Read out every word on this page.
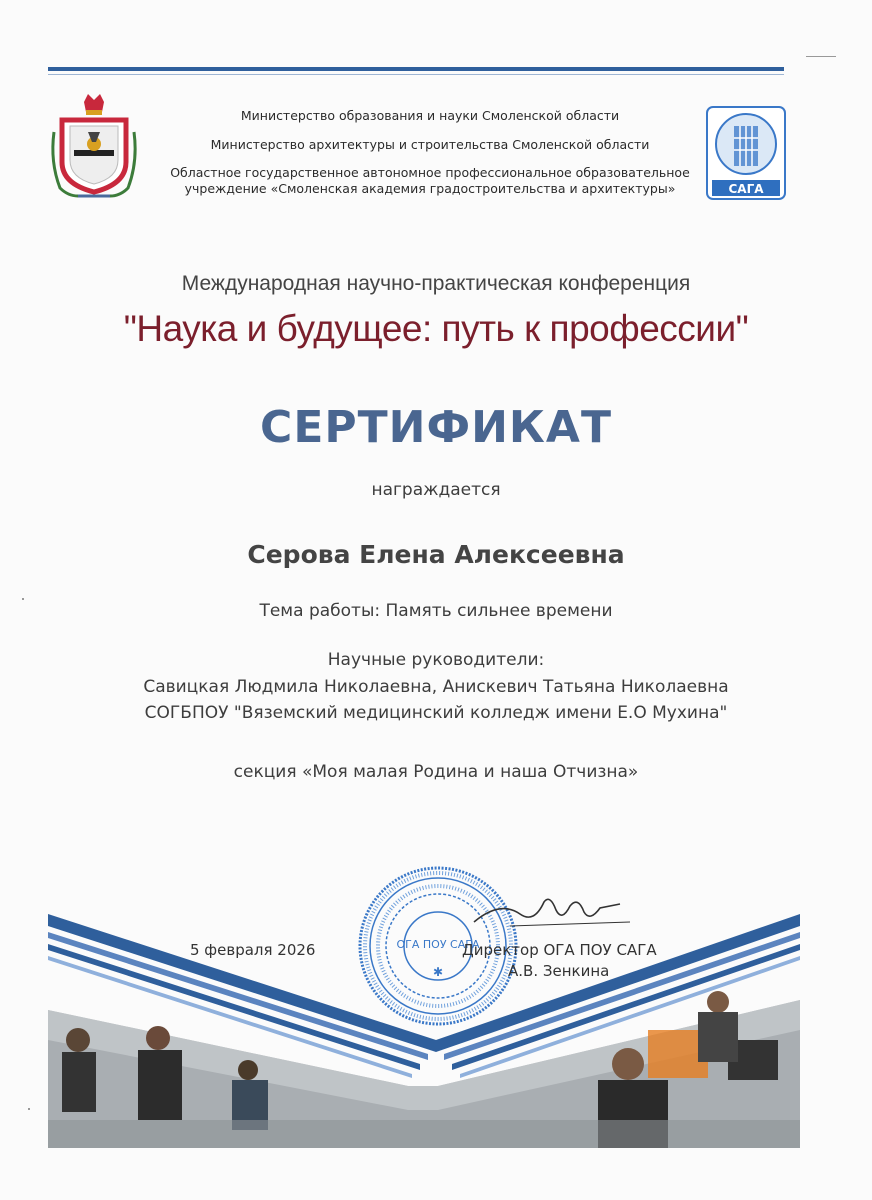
Министерство образования и науки Смоленской области
Министерство архитектуры и строительства Смоленской области
Областное государственное автономное профессиональное образовательное
учреждение «Смоленская академия градостроительства и архитектуры»	САГА
Международная научно-практическая конференция
"Наука и будущее: путь к профессии"
СЕРТИФИКАТ
награждается
Серова Елена Алексеевна
Тема работы: Память сильнее времени
Научные руководители:
Савицкая Людмила Николаевна, Анискевич Татьяна Николаевна
СОГБПОУ "Вяземский медицинский колледж имени Е.О Мухина"
секция «Моя малая Родина и наша Отчизна»
5 февраля 2026	ОГА ПОУ САГА
✱
Директор ОГА ПОУ САГА
А.В. Зенкина
